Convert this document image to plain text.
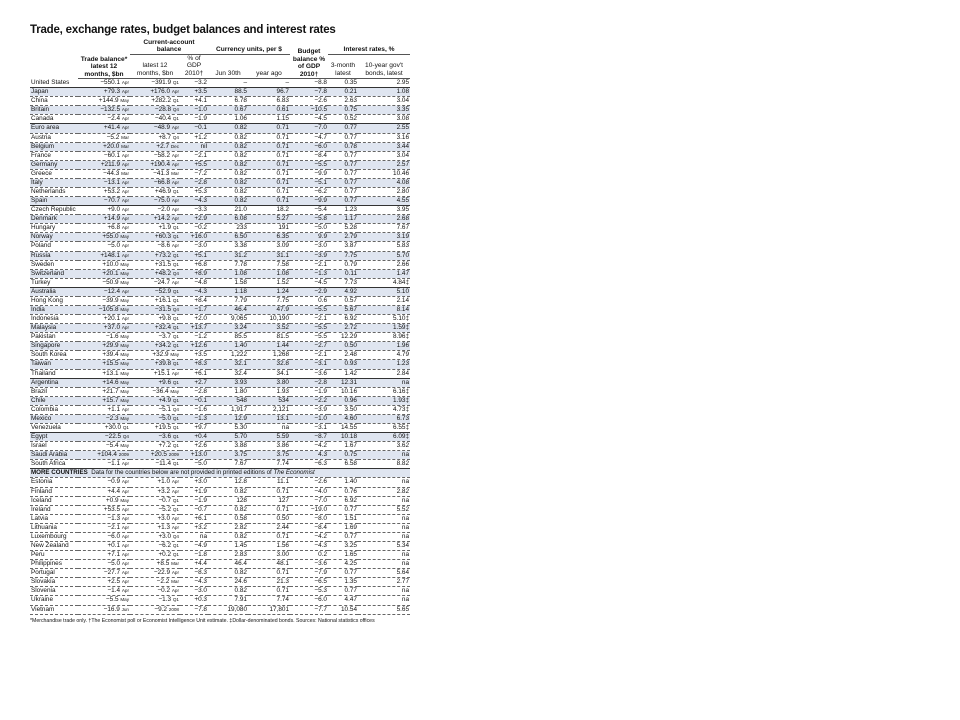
Trade, exchange rates, budget balances and interest rates
	Trade balance* latest 12 months, $bn	Current-account balance		Currency units, per $		Budget balance % of GDP 2010†	Interest rates, %	
		latest 12 months, $bn	% of GDP 2010†	Jun 30th	year ago		3-month latest	10-year gov't bonds, latest
United States	−550.1 Apr	−391.9 Q1	−3.2	–	–	−8.8	0.35	2.95
Japan	+79.3 Apr	+176.0 Apr	+3.5	88.5	96.7	−7.8	0.21	1.08
China	+144.9 May	+282.2 Q1	+4.1	6.78	6.83	−2.6	2.63	3.04
Britain	−132.5 Apr	−28.8 Q4	−1.0	0.67	0.61	−10.5	0.75	3.35
Canada	−2.4 Apr	−40.4 Q1	−1.9	1.06	1.15	−4.5	0.52	3.08
Euro area	+41.4 Apr	−48.9 Apr	−0.1	0.82	0.71	−7.0	0.77	2.55
Austria	−5.2 Mar	+8.7 Q4	+1.2	0.82	0.71	−4.7	0.77	3.16
Belgium	+20.0 Mar	+2.7 Dec	nil	0.82	0.71	−6.0	0.78	3.44
France	−60.1 Apr	−58.2 Apr	−2.1	0.82	0.71	−8.4	0.77	3.04
Germany	+211.9 Apr	+190.4 Apr	+5.5	0.82	0.71	−5.5	0.77	2.57
Greece	−44.3 Mar	−41.3 Mar	−7.2	0.82	0.71	−9.9	0.77	10.46
Italy	−13.1 Apr	−66.8 Apr	−2.8	0.82	0.71	−5.1	0.77	4.08
Netherlands	+53.2 Apr	+46.9 Q1	+5.3	0.82	0.71	−6.2	0.77	2.80
Spain	−70.7 Apr	−75.0 Apr	−4.3	0.82	0.71	−9.9	0.77	4.55
Czech Republic	+9.0 Apr	−2.0 Apr	−3.3	21.0	18.2	−5.4	1.23	3.95
Denmark	+14.9 Apr	+14.2 Apr	+2.9	6.08	5.27	−5.8	1.17	2.68
Hungary	+6.8 Apr	+1.9 Q1	−0.2	233	191	−5.0	5.28	7.67
Norway	+55.0 May	+60.3 Q1	+16.0	6.50	6.35	9.9	2.79	3.19
Poland	−5.0 Apr	−8.6 Apr	−3.0	3.38	3.09	−3.0	3.87	5.83
Russia	+148.1 Apr	+73.2 Q1	+5.1	31.2	31.1	−3.9	7.75	5.70
Sweden	+10.0 May	+31.5 Q1	+6.8	7.78	7.58	−2.1	0.79	2.66
Switzerland	+20.1 May	+48.2 Q4	+8.9	1.08	1.08	−1.3	0.11	1.47
Turkey	−50.9 May	−24.7 Apr	−4.8	1.58	1.52	−4.5	7.73	4.84‡
Australia	−12.4 Apr	−52.9 Q1	−4.3	1.18	1.24	−2.9	4.92	5.10
Hong Kong	−39.9 May	+16.1 Q1	+8.4	7.79	7.75	0.6	0.57	2.14
India	−105.8 May	−31.5 Q4	−1.7	46.4	47.9	−5.5	5.67	8.14
Indonesia	+20.1 Apr	+9.8 Q1	+2.0	9,065	10,190	−2.1	6.92	5.10‡
Malaysia	+37.0 Apr	+32.4 Q1	+13.7	3.24	3.52	−5.5	2.72	1.59‡
Pakistan	−1.6 May	−3.7 Q1	−1.2	85.5	81.5	−5.5	12.29	8.96‡
Singapore	+29.9 May	+34.2 Q1	+12.6	1.40	1.44	−2.7	0.50	1.96
South Korea	+39.4 May	+32.9 May	+3.5	1,222	1,268	−2.1	2.48	4.79
Taiwan	+15.5 May	+39.8 Q1	+8.3	32.1	32.8	−3.1	0.93	1.23
Thailand	+13.1 May	+15.1 Apr	+6.1	32.4	34.1	−3.6	1.42	2.84
Argentina	+14.6 May	+9.6 Q1	+2.7	3.93	3.80	−2.8	12.31	na
Brazil	+21.7 May	−36.4 May	−2.8	1.80	1.93	−1.9	10.16	6.16‡
Chile	+15.7 May	+4.9 Q1	−0.1	548	534	−2.2	0.96	1.93‡
Colombia	+1.1 Apr	−5.1 Q4	−1.6	1,917	2,121	−3.9	3.50	4.73‡
Mexico	−2.3 May	−5.0 Q1	−1.3	12.9	13.1	−1.0	4.60	6.73
Venezuela	+30.0 Q1	+19.5 Q1	+9.7	5.30	na	−3.1	14.55	6.55‡
Egypt	−22.5 Q4	−3.6 Q1	+0.4	5.70	5.59	−8.7	10.18	6.09‡
Israel	−5.4 May	+7.2 Q1	+2.6	3.88	3.86	−4.2	1.67	3.62
Saudi Arabia	+104.4 2009	+20.5 2009	+13.0	3.75	3.75	4.3	0.75	na
South Africa	−1.1 Apr	−11.4 Q1	−5.0	7.67	7.74	−6.3	6.58	8.82
MORE COUNTRIES Data for the countries below are not provided in printed editions of The Economist								
Estonia	−0.9 Apr	+1.0 Apr	+3.0	12.8	11.1	−2.6	1.40	na
Finland	+4.4 Apr	+3.2 Apr	+1.9	0.82	0.71	−4.0	0.76	2.82
Iceland	+0.9 May	−0.7 Q1	−1.9	128	127	−7.0	6.92	na
Ireland	+53.5 Apr	−5.2 Q1	−0.7	0.82	0.71	−19.0	0.77	5.52
Latvia	−1.3 Apr	+3.0 Apr	+6.1	0.58	0.50	−8.0	1.51	na
Lithuania	−2.1 Apr	+1.3 Apr	+3.2	2.82	2.44	−8.4	1.69	na
Luxembourg	−6.0 Apr	+3.0 Q4	na	0.82	0.71	−4.2	0.77	na
New Zealand	+0.1 Apr	−6.2 Q1	−4.9	1.45	1.56	−4.3	3.25	5.34
Peru	+7.1 Apr	+0.2 Q1	−1.8	2.83	3.00	0.2	1.65	na
Philippines	−5.0 Apr	+8.5 Mar	+4.4	46.4	48.1	−3.6	4.25	na
Portugal	−27.7 Apr	−22.9 Apr	−8.3	0.82	0.71	−7.9	0.77	5.64
Slovakia	+2.5 Apr	−2.2 Mar	−4.3	24.6	21.3	−6.5	1.35	2.77
Slovenia	−1.4 Apr	−0.2 Apr	−3.0	0.82	0.71	−5.3	0.77	na
Ukraine	−5.5 May	−1.3 Q1	+0.3	7.91	7.74	−6.0	4.47	na
Vietnam	−16.9 Jun	−9.2 2008	−7.8	19,080	17,801	−7.7	10.54	5.65
*Merchandise trade only. †The Economist poll or Economist Intelligence Unit estimate. ‡Dollar-denominated bonds. Sources: National statistics offices
